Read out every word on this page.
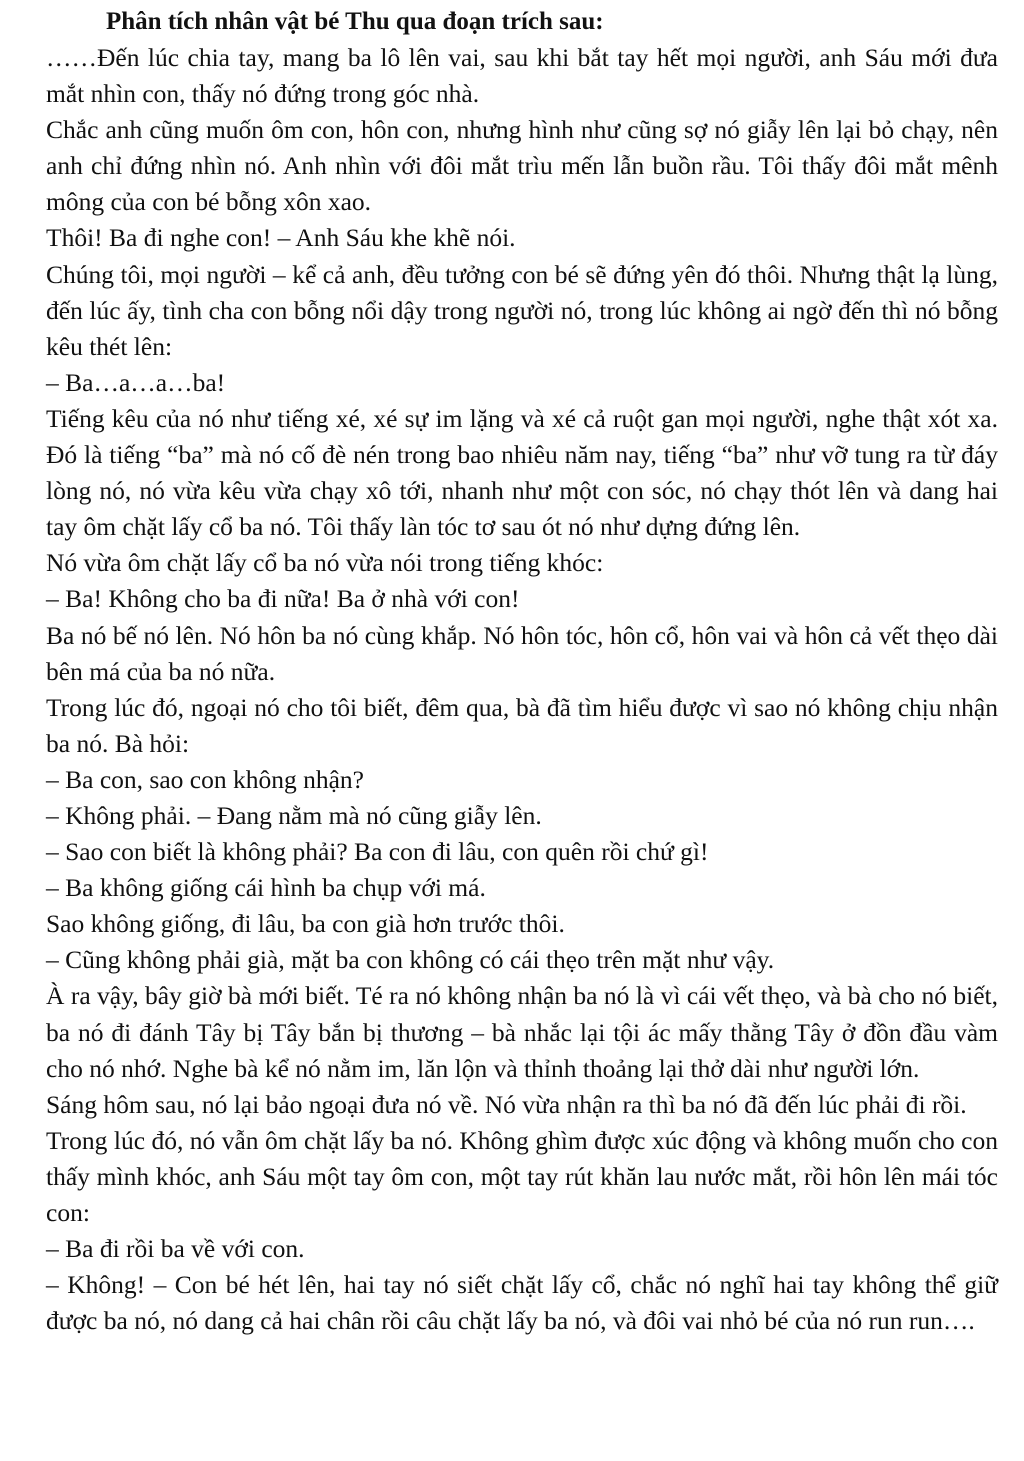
Phân tích nhân vật bé Thu qua đoạn trích sau:

……Đến lúc chia tay, mang ba lô lên vai, sau khi bắt tay hết mọi người, anh Sáu mới đưa mắt nhìn con, thấy nó đứng trong góc nhà.

Chắc anh cũng muốn ôm con, hôn con, nhưng hình như cũng sợ nó giẫy lên lại bỏ chạy, nên anh chỉ đứng nhìn nó. Anh nhìn với đôi mắt trìu mến lẫn buồn rầu. Tôi thấy đôi mắt mênh mông của con bé bỗng xôn xao.

Thôi! Ba đi nghe con! – Anh Sáu khe khẽ nói.

Chúng tôi, mọi người – kể cả anh, đều tưởng con bé sẽ đứng yên đó thôi. Nhưng thật lạ lùng, đến lúc ấy, tình cha con bỗng nổi dậy trong người nó, trong lúc không ai ngờ đến thì nó bỗng kêu thét lên:

– Ba…a…a…ba!

Tiếng kêu của nó như tiếng xé, xé sự im lặng và xé cả ruột gan mọi người, nghe thật xót xa. Đó là tiếng “ba” mà nó cố đè nén trong bao nhiêu năm nay, tiếng “ba” như vỡ tung ra từ đáy lòng nó, nó vừa kêu vừa chạy xô tới, nhanh như một con sóc, nó chạy thót lên và dang hai tay ôm chặt lấy cổ ba nó. Tôi thấy làn tóc tơ sau ót nó như dựng đứng lên.

Nó vừa ôm chặt lấy cổ ba nó vừa nói trong tiếng khóc:

– Ba! Không cho ba đi nữa! Ba ở nhà với con!

Ba nó bế nó lên. Nó hôn ba nó cùng khắp. Nó hôn tóc, hôn cổ, hôn vai và hôn cả vết thẹo dài bên má của ba nó nữa.

Trong lúc đó, ngoại nó cho tôi biết, đêm qua, bà đã tìm hiểu được vì sao nó không chịu nhận ba nó. Bà hỏi:

– Ba con, sao con không nhận?

– Không phải. – Đang nằm mà nó cũng giẫy lên.

– Sao con biết là không phải? Ba con đi lâu, con quên rồi chứ gì!

– Ba không giống cái hình ba chụp với má.

Sao không giống, đi lâu, ba con già hơn trước thôi.

– Cũng không phải già, mặt ba con không có cái thẹo trên mặt như vậy.

À ra vậy, bây giờ bà mới biết. Té ra nó không nhận ba nó là vì cái vết thẹo, và bà cho nó biết, ba nó đi đánh Tây bị Tây bắn bị thương – bà nhắc lại tội ác mấy thằng Tây ở đồn đầu vàm cho nó nhớ. Nghe bà kể nó nằm im, lăn lộn và thỉnh thoảng lại thở dài như người lớn.

Sáng hôm sau, nó lại bảo ngoại đưa nó về. Nó vừa nhận ra thì ba nó đã đến lúc phải đi rồi.

Trong lúc đó, nó vẫn ôm chặt lấy ba nó. Không ghìm được xúc động và không muốn cho con thấy mình khóc, anh Sáu một tay ôm con, một tay rút khăn lau nước mắt, rồi hôn lên mái tóc con:

– Ba đi rồi ba về với con.

– Không! – Con bé hét lên, hai tay nó siết chặt lấy cổ, chắc nó nghĩ hai tay không thể giữ được ba nó, nó dang cả hai chân rồi câu chặt lấy ba nó, và đôi vai nhỏ bé của nó run run….
